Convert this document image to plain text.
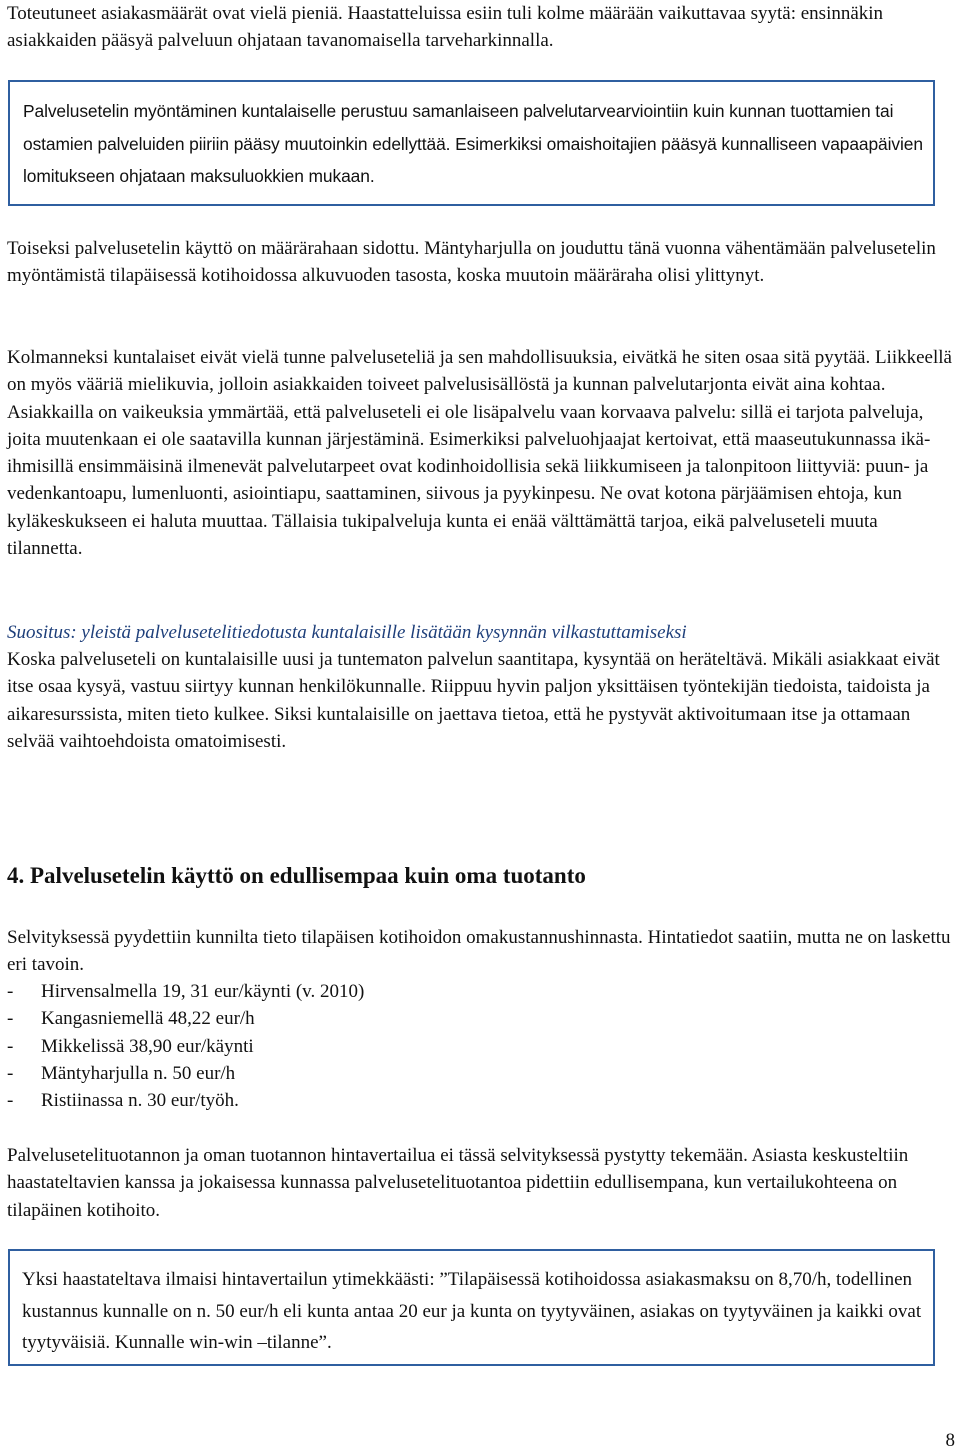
Toteutuneet asiakasmäärät ovat vielä pieniä. Haastatteluissa esiin tuli kolme määrään vaikuttavaa syytä: ensinnäkin asiakkaiden pääsyä palveluun ohjataan tavanomaisella tarveharkinnalla.

Palvelusetelin myöntäminen kuntalaiselle perustuu samanlaiseen palvelutarvearviointiin kuin kunnan tuottamien tai ostamien palveluiden piiriin pääsy muutoinkin edellyttää. Esimerkiksi omaishoitajien pääsyä kunnalliseen vapaapäivien lomitukseen ohjataan maksuluokkien mukaan.

Toiseksi palvelusetelin käyttö on määrärahaan sidottu. Mäntyharjulla on jouduttu tänä vuonna vähentämään palvelusetelin myöntämistä tilapäisessä kotihoidossa alkuvuoden tasosta, koska muutoin määräraha olisi ylittynyt.

Kolmanneksi kuntalaiset eivät vielä tunne palveluseteliä ja sen mahdollisuuksia, eivätkä he siten osaa sitä pyytää. Liikkeellä on myös vääriä mielikuvia, jolloin asiakkaiden toiveet palvelusisällöstä ja kunnan palvelutarjonta eivät aina kohtaa. Asiakkailla on vaikeuksia ymmärtää, että palveluseteli ei ole lisäpalvelu vaan korvaava palvelu: sillä ei tarjota palveluja, joita muutenkaan ei ole saatavilla kunnan järjestäminä. Esimerkiksi palveluohjaajat kertoivat, että maaseutukunnassa ikä-ihmisillä ensimmäisinä ilmenevät palvelutarpeet ovat kodinhoidollisia sekä liikkumiseen ja talonpitoon liittyviä: puun- ja vedenkantoapu, lumenluonti, asiointiapu, saattaminen, siivous ja pyykinpesu. Ne ovat kotona pärjäämisen ehtoja, kun kyläkeskukseen ei haluta muuttaa. Tällaisia tukipalveluja kunta ei enää välttämättä tarjoa, eikä palveluseteli muuta tilannetta.

Suositus: yleistä palvelusetelitiedotusta kuntalaisille lisätään kysynnän vilkastuttamiseksi

Koska palveluseteli on kuntalaisille uusi ja tuntematon palvelun saantitapa, kysyntää on heräteltävä. Mikäli asiakkaat eivät itse osaa kysyä, vastuu siirtyy kunnan henkilökunnalle. Riippuu hyvin paljon yksittäisen työntekijän tiedoista, taidoista ja aikaresurssista, miten tieto kulkee. Siksi kuntalaisille on jaettava tietoa, että he pystyvät aktivoitumaan itse ja ottamaan selvää vaihtoehdoista omatoimisesti.

4. Palvelusetelin käyttö on edullisempaa kuin oma tuotanto

Selvityksessä pyydettiin kunnilta tieto tilapäisen kotihoidon omakustannushinnasta. Hintatiedot saatiin, mutta ne on laskettu eri tavoin.

-	Hirvensalmella 19, 31 eur/käynti (v. 2010)
-	Kangasniemellä 48,22 eur/h
-	Mikkelissä 38,90 eur/käynti
-	Mäntyharjulla n. 50 eur/h
-	Ristiinassa n. 30 eur/työh.

Palvelusetelituotannon ja oman tuotannon hintavertailua ei tässä selvityksessä pystytty tekemään. Asiasta keskusteltiin haastateltavien kanssa ja jokaisessa kunnassa palvelusetelituotantoa pidettiin edullisempana, kun vertailukohteena on tilapäinen kotihoito.

Yksi haastateltava ilmaisi hintavertailun ytimekkäästi: ”Tilapäisessä kotihoidossa asiakasmaksu on 8,70/h, todellinen kustannus kunnalle on n. 50 eur/h eli kunta antaa 20 eur ja kunta on tyytyväinen, asiakas on tyytyväinen ja kaikki ovat tyytyväisiä. Kunnalle win-win –tilanne”.
8
